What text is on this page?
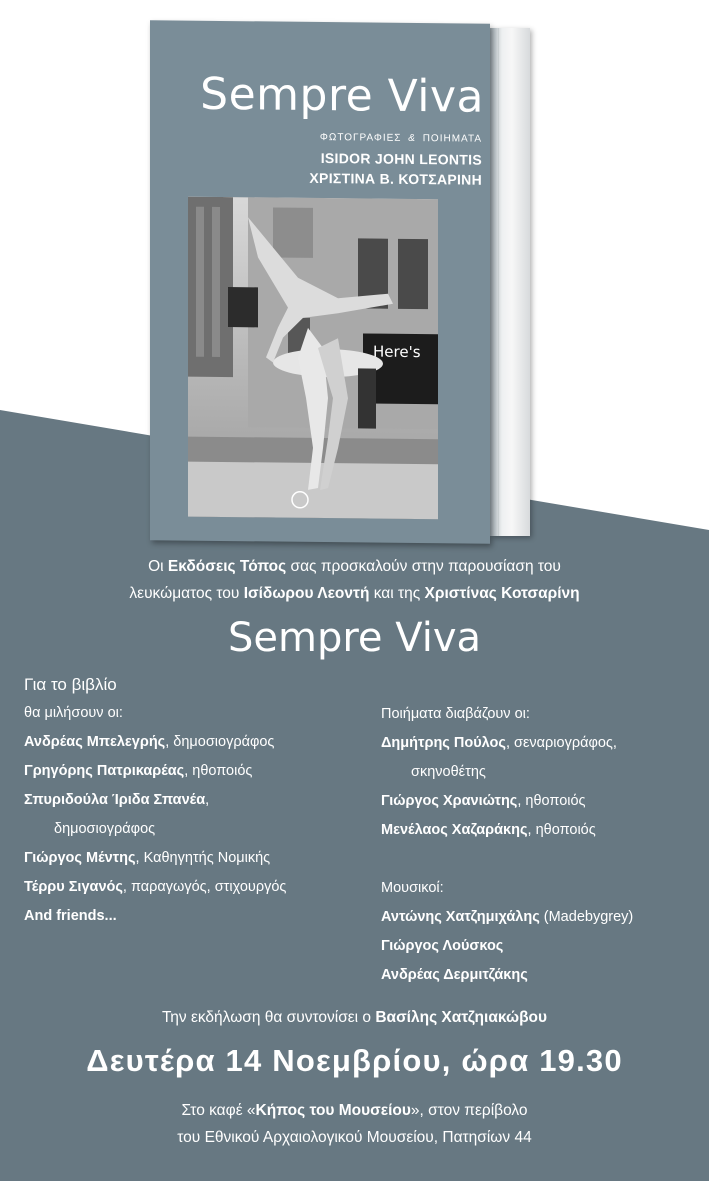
Sempre Viva
ΦΩΤΟΓΡΑΦΙΕΣ & ΠΟΙΗΜΑΤΑ
ISIDOR JOHN LEONTIS
ΧΡΙΣΤΙΝΑ Β. ΚΟΤΣΑΡΙΝΗ
Here's
Οι Εκδόσεις Τόπος σας προσκαλούν στην παρουσίαση του
λευκώματος του Ισίδωρου Λεοντή και της Χριστίνας Κοτσαρίνη
Sempre Viva
Για το βιβλίο
θα μιλήσουν οι:
Ανδρέας Μπελεγρής, δημοσιογράφος
Γρηγόρης Πατρικαρέας, ηθοποιός
Σπυριδούλα Ίριδα Σπανέα,
δημοσιογράφος
Γιώργος Μέντης, Καθηγητής Νομικής
Τέρρυ Σιγανός, παραγωγός, στιχουργός
And friends...
Ποιήματα διαβάζουν οι:
Δημήτρης Πούλος, σεναριογράφος,
σκηνοθέτης
Γιώργος Χρανιώτης, ηθοποιός
Μενέλαος Χαζαράκης, ηθοποιός
Μουσικοί:
Αντώνης Χατζημιχάλης (Madebygrey)
Γιώργος Λούσκος
Ανδρέας Δερμιτζάκης
Την εκδήλωση θα συντονίσει ο Βασίλης Χατζηιακώβου
Δευτέρα 14 Νοεμβρίου, ώρα 19.30
Στο καφέ «Κήπος του Μουσείου», στον περίβολο
του Εθνικού Αρχαιολογικού Μουσείου, Πατησίων 44
